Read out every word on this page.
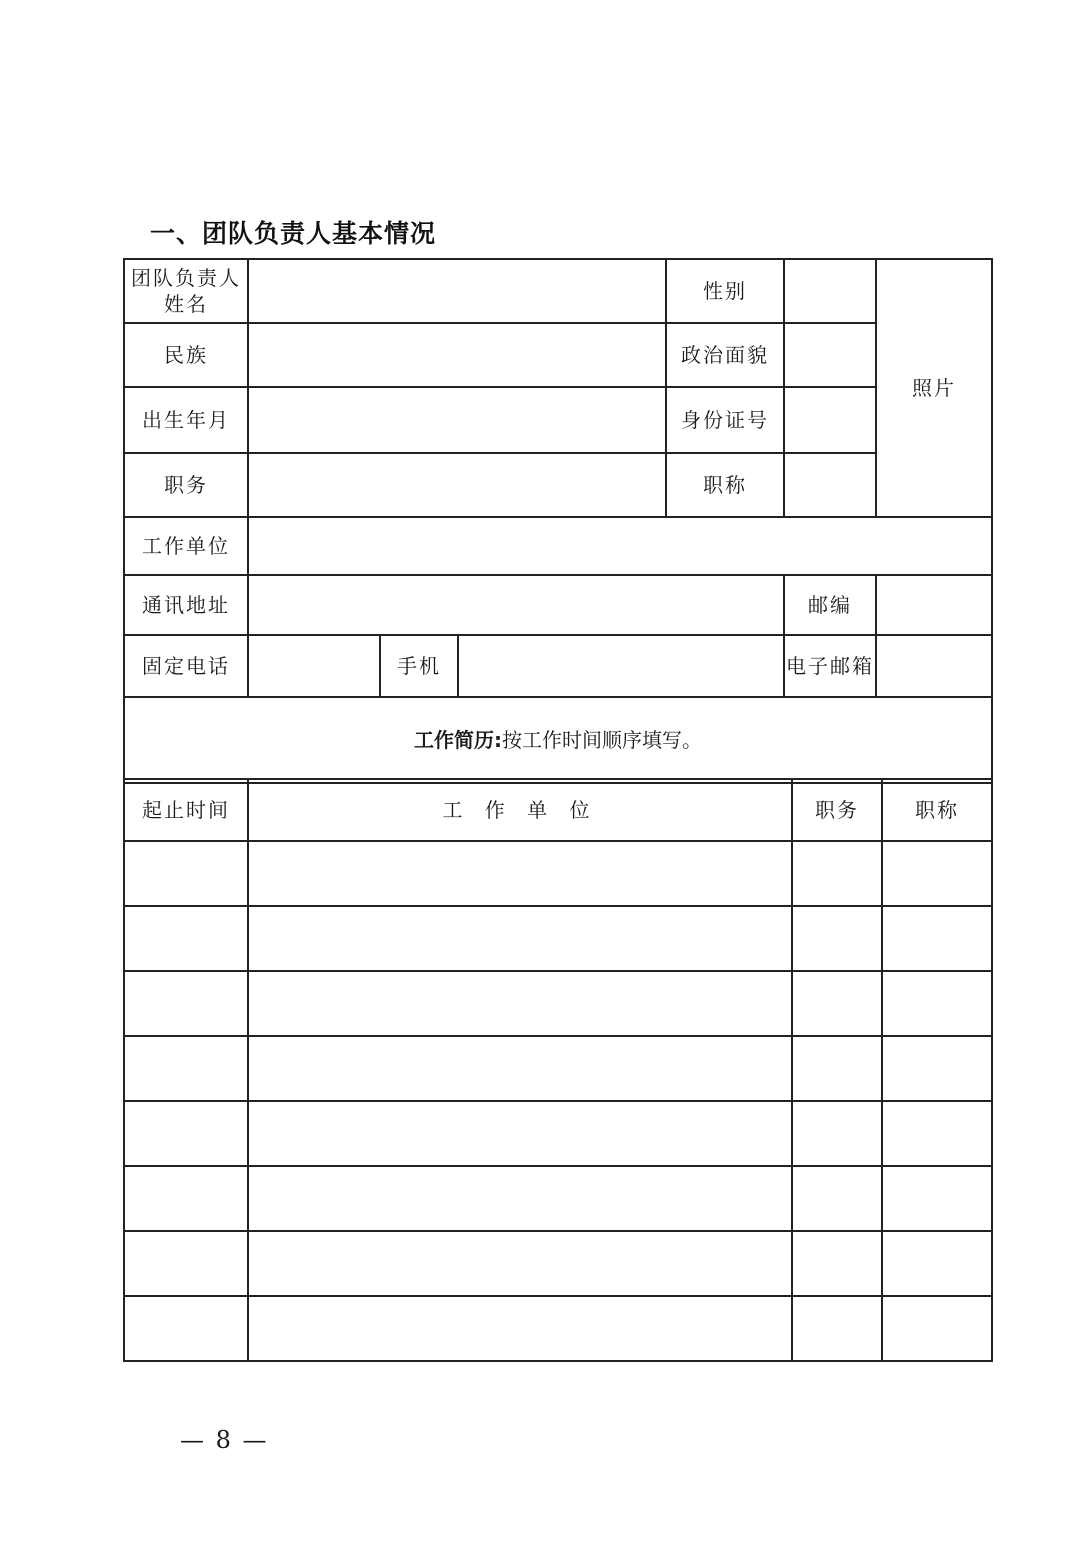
一、团队负责人基本情况
团队负责人
姓名				性别		照片
民族				政治面貌		
出生年月				身份证号		
职务				职称		
工作单位						
通讯地址					邮编	
固定电话		手机			电子邮箱	
工作简历:按工作时间顺序填写。						
起止时间	工 作 单 位	职务	职称

— 8 —
